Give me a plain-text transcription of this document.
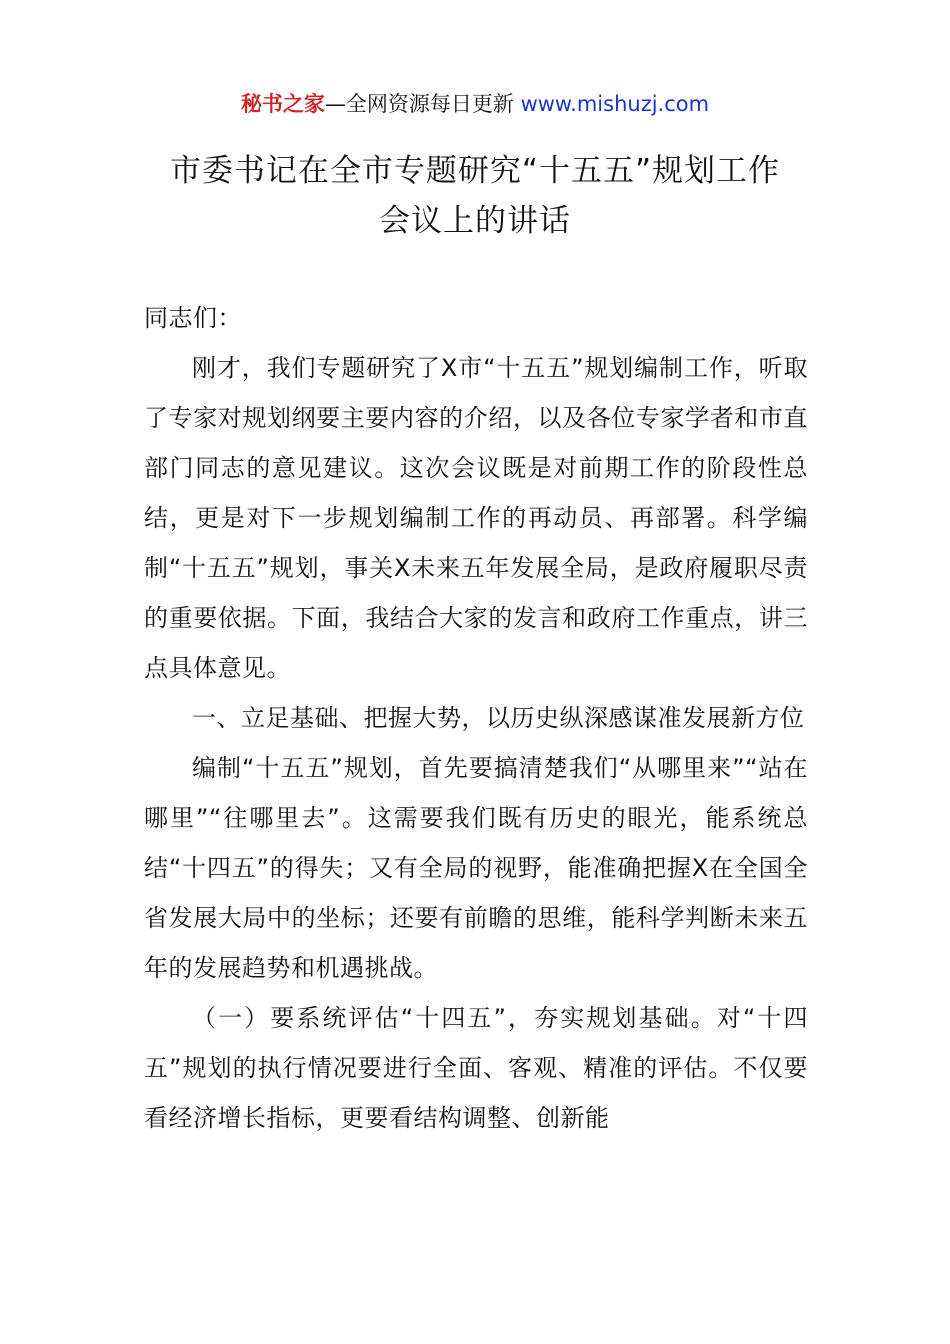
秘书之家—全网资源每日更新 www.mishuzj.com
市委书记在全市专题研究“十五五”规划工作
会议上的讲话

同志们：

刚才，我们专题研究了X市“十五五”规划编制工作，听取了专家对规划纲要主要内容的介绍，以及各位专家学者和市直部门同志的意见建议。这次会议既是对前期工作的阶段性总结，更是对下一步规划编制工作的再动员、再部署。科学编制“十五五”规划，事关X未来五年发展全局，是政府履职尽责的重要依据。下面，我结合大家的发言和政府工作重点，讲三点具体意见。

一、立足基础、把握大势，以历史纵深感谋准发展新方位

编制“十五五”规划，首先要搞清楚我们“从哪里来”“站在哪里”“往哪里去”。这需要我们既有历史的眼光，能系统总结“十四五”的得失；又有全局的视野，能准确把握X在全国全省发展大局中的坐标；还要有前瞻的思维，能科学判断未来五年的发展趋势和机遇挑战。

（一）要系统评估“十四五”，夯实规划基础。对“十四五”规划的执行情况要进行全面、客观、精准的评估。不仅要看经济增长指标，更要看结构调整、创新能
